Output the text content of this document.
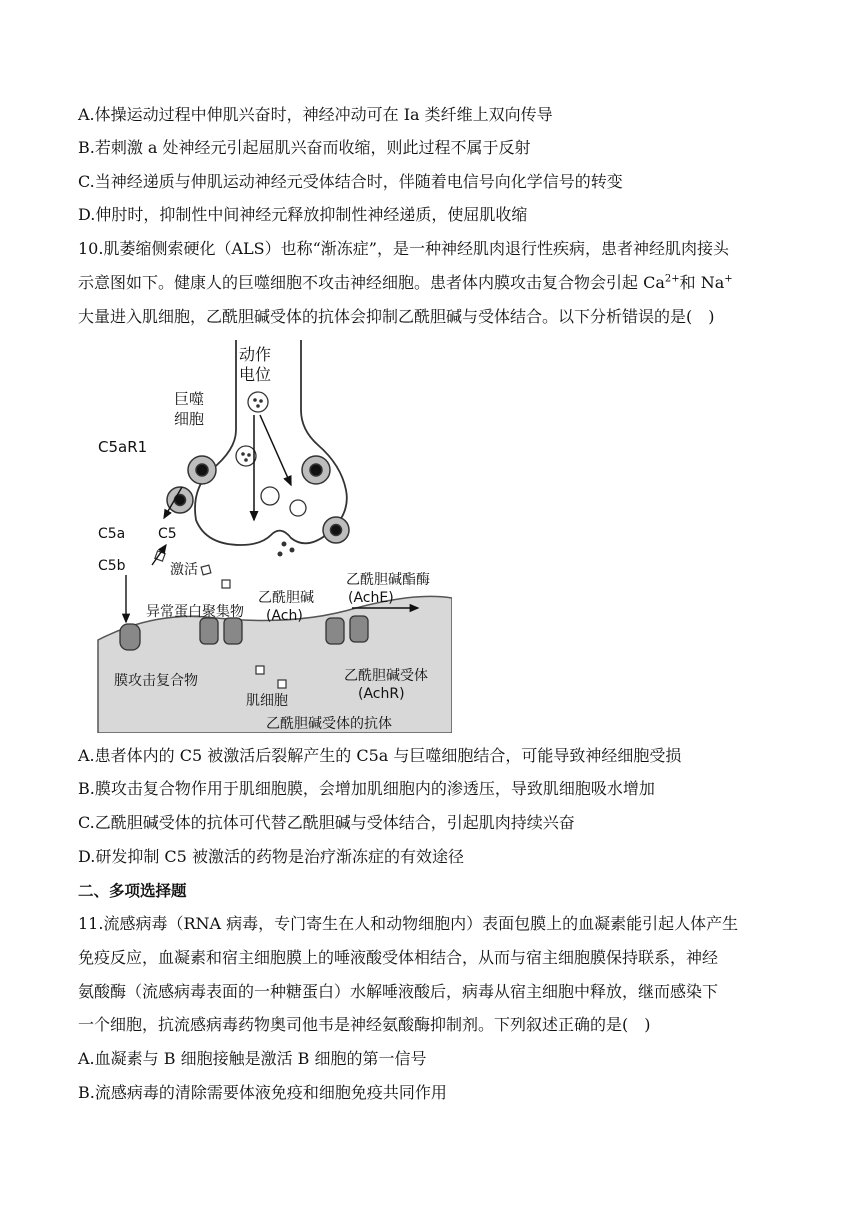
A.体操运动过程中伸肌兴奋时，神经冲动可在 Ia 类纤维上双向传导
B.若刺激 a 处神经元引起屈肌兴奋而收缩，则此过程不属于反射
C.当神经递质与伸肌运动神经元受体结合时，伴随着电信号向化学信号的转变
D.伸肘时，抑制性中间神经元释放抑制性神经递质，使屈肌收缩
10.肌萎缩侧索硬化（ALS）也称“渐冻症”，是一种神经肌肉退行性疾病，患者神经肌肉接头
示意图如下。健康人的巨噬细胞不攻击神经细胞。患者体内膜攻击复合物会引起 $Ca^{2+}$和 Na+
大量进入肌细胞，乙酰胆碱受体的抗体会抑制乙酰胆碱与受体结合。以下分析错误的是(　)
动作
电位
巨噬
细胞
C5aR1
C5a C5
C5b	激活
异常蛋白聚集物
乙酰胆碱
(Ach)
乙酰胆碱酯酶
(AchE)
膜攻击复合物
肌细胞
乙酰胆碱受体
(AchR)
乙酰胆碱受体的抗体
A.患者体内的 C5 被激活后裂解产生的 C5a 与巨噬细胞结合，可能导致神经细胞受损
B.膜攻击复合物作用于肌细胞膜，会增加肌细胞内的渗透压，导致肌细胞吸水增加
C.乙酰胆碱受体的抗体可代替乙酰胆碱与受体结合，引起肌肉持续兴奋
D.研发抑制 C5 被激活的药物是治疗渐冻症的有效途径
二、多项选择题
11.流感病毒（RNA 病毒，专门寄生在人和动物细胞内）表面包膜上的血凝素能引起人体产生
免疫反应，血凝素和宿主细胞膜上的唾液酸受体相结合，从而与宿主细胞膜保持联系，神经
氨酸酶（流感病毒表面的一种糖蛋白）水解唾液酸后，病毒从宿主细胞中释放，继而感染下
一个细胞，抗流感病毒药物奥司他韦是神经氨酸酶抑制剂。下列叙述正确的是(　)
A.血凝素与 B 细胞接触是激活 B 细胞的第一信号
B.流感病毒的清除需要体液免疫和细胞免疫共同作用
